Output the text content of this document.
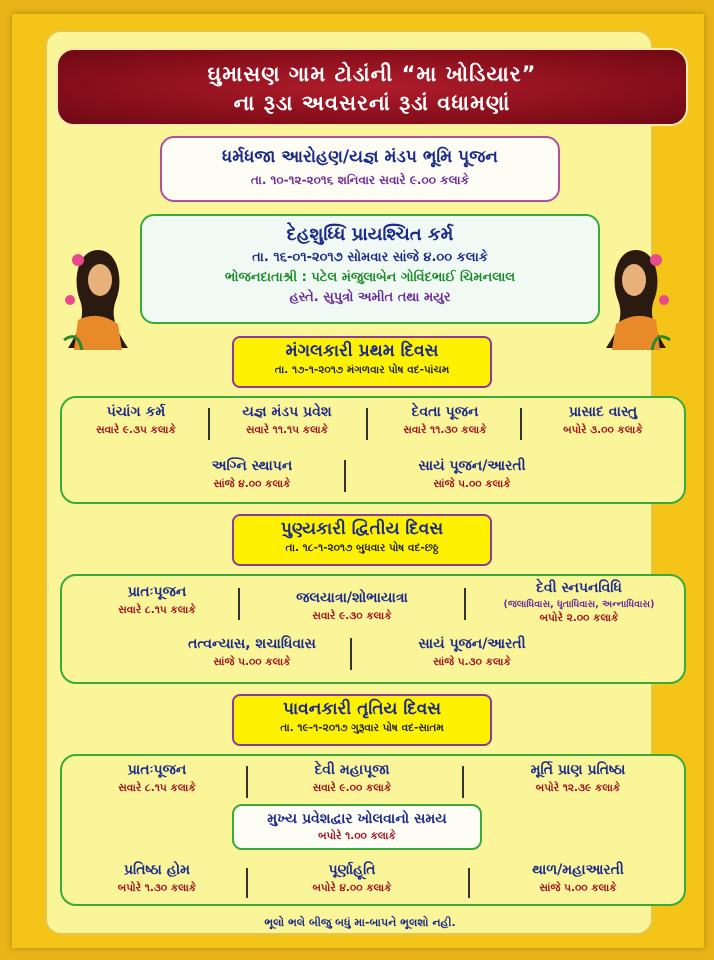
ઘુમાસણ ગામ ટોડાંની “મા ખોડિયાર”
ના રૂડા અવસરનાં રૂડાં વધામણાં
ધર્મધજા આરોહણ/યજ્ઞ મંડપ ભૂમિ પૂજન
તા. ૧૦-૧૨-૨૦૧૬ શનિવાર સવારે ૯.૦૦ કલાકે
દેહશુધ્ધિ પ્રાયશ્ચિત કર્મ
તા. ૧૬-૦૧-૨૦૧૭ સોમવાર સાંજે ૪.૦૦ કલાકે
ભોજનદાતાશ્રી : પટેલ મંજુલાબેન ગોવિંદભાઈ ચિમનલાલ
હસ્તે. સુપુત્રો અમીત તથા મયુર
મંગલકારી પ્રથમ દિવસ
તા. ૧૭-૧-૨૦૧૭ મંગળવાર પોષ વદ-પાંચમ
પંચાંગ કર્મ
સવારે ૯.૩૫ કલાકે
યજ્ઞ મંડપ પ્રવેશ
સવારે ૧૧.૧૫ કલાકે
દેવતા પૂજન
સવારે ૧૧.૩૦ કલાકે
પ્રાસાદ વાસ્તુ
બપોરે ૩.૦૦ કલાકે
અગ્નિ સ્થાપન
સાંજે ૪.૦૦ કલાકે
સાયં પૂજન/આરતી
સાંજે ૫.૦૦ કલાકે
પુણ્યકારી દ્વિતીય દિવસ
તા. ૧૮-૧-૨૦૧૭ બુધવાર પોષ વદ-છઠ્ઠ
પ્રાતઃપૂજન
સવારે ૮.૧૫ કલાકે
જલયાત્રા/શોભાયાત્રા
સવારે ૯.૩૦ કલાકે
દેવી સ્નપનવિધિ
(જલાધિવાસ, ધૃતાધિવાસ, અન્નાધિવાસ)
બપોરે ૨.૦૦ કલાકે
તત્વન્યાસ, શચાધિવાસ
સાંજે ૫.૦૦ કલાકે
સાયં પૂજન/આરતી
સાંજે ૫.૩૦ કલાકે
પાવનકારી તૃતિય દિવસ
તા. ૧૯-૧-૨૦૧૭ ગુરૂવાર પોષ વદ-સાતમ
પ્રાતઃપૂજન
સવારે ૮.૧૫ કલાકે
દેવી મહાપૂજા
સવારે ૯.૦૦ કલાકે
મૂર્તિ પ્રાણ પ્રતિષ્ઠા
બપોરે ૧૨.૩૯ કલાકે
પ્રતિષ્ઠા હોમ
બપોરે ૧.૩૦ કલાકે
પૂર્ણાહૂતિ
બપોરે ૪.૦૦ કલાકે
થાળ/મહાઆરતી
સાંજે ૫.૦૦ કલાકે
મુખ્ય પ્રવેશદ્વાર ખોલવાનો સમય
બપોરે ૧.૦૦ કલાકે
ભૂલો ભલે બીજુ બધું મા-બાપને ભૂલશો નહી.
